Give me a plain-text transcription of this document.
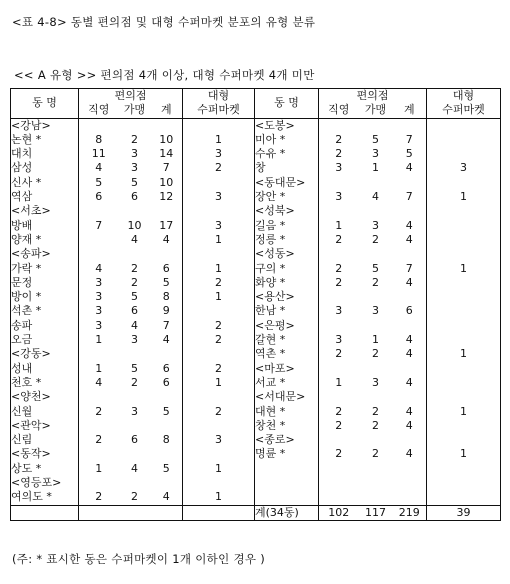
<표 4-8> 동별 편의점 및 대형 수퍼마켓 분포의 유형 분류
<< A 유형 >> 편의점 4개 이상, 대형 수퍼마켓 4개 미만
동 명	편의점			대형	동 명	편의점			대형
	직영	가맹	계	수퍼마켓		직영	가맹	계	수퍼마켓
<강남>					<도봉>				
논현 *	8	2	10	1	미아 *	2	5	7	
대치	11	3	14	3	수유 *	2	3	5	
삼성	4	3	7	2	창	3	1	4	3
신사 *	5	5	10		<동대문>				
역삼	6	6	12	3	장안 *	3	4	7	1
<서초>					<성북>				
방배	7	10	17	3	길음 *	1	3	4	
양재 *		4	4	1	정릉 *	2	2	4	
<송파>					<성동>				
가락 *	4	2	6	1	구의 *	2	5	7	1
문정	3	2	5	2	화양 *	2	2	4	
방이 *	3	5	8	1	<용산>				
석촌 *	3	6	9		한남 *	3	3	6	
송파	3	4	7	2	<은평>				
오금	1	3	4	2	갈현 *	3	1	4	
<강동>					역촌 *	2	2	4	1
성내	1	5	6	2	<마포>				
천호 *	4	2	6	1	서교 *	1	3	4	
<양천>					<서대문>				
신월	2	3	5	2	대현 *	2	2	4	1
<관악>					창천 *	2	2	4	
신림	2	6	8	3	<종로>				
<동작>					명륜 *	2	2	4	1
상도 *	1	4	5	1					
<영등포>									
여의도 *	2	2	4	1					
					계(34동)	102	117	219	39
(주: * 표시한 동은 수퍼마켓이 1개 이하인 경우 )
